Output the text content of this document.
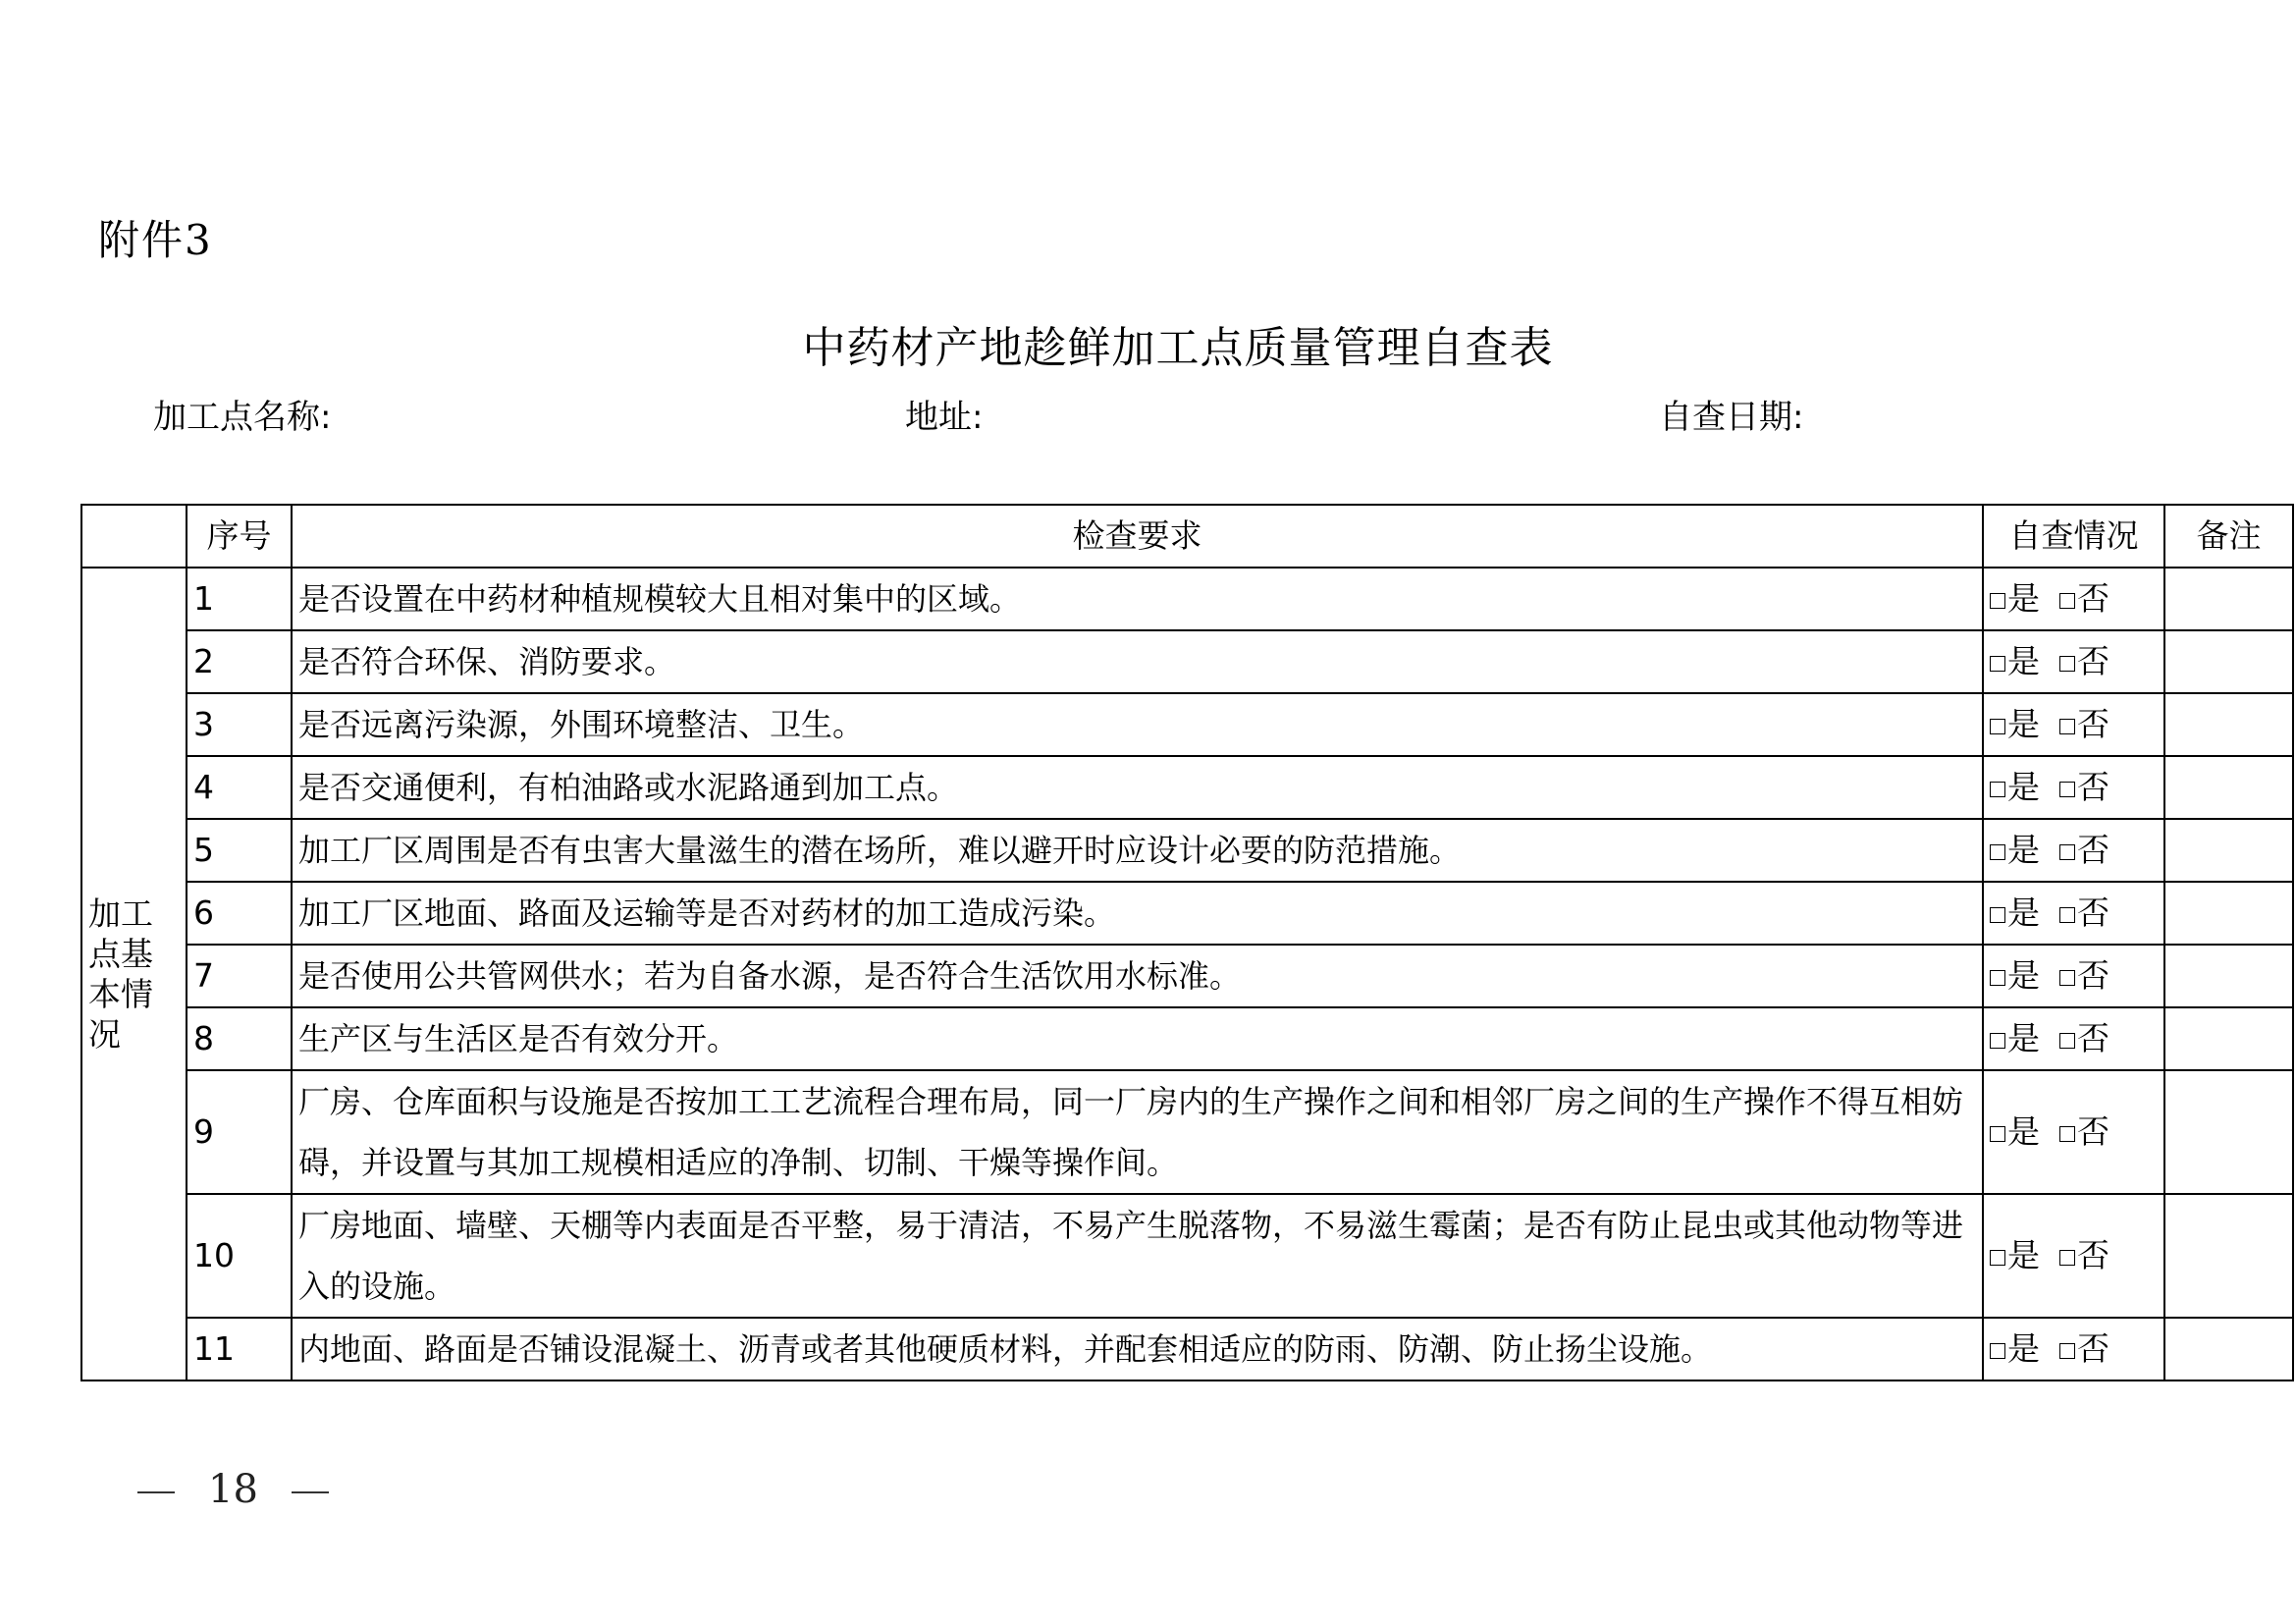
附件3
中药材产地趁鲜加工点质量管理自查表
加工点名称:	地址:	自查日期:
	序号	检查要求	自查情况	备注
加工点基本情况	1	是否设置在中药材种植规模较大且相对集中的区域。	是 否	
	2	是否符合环保、消防要求。	是 否	
	3	是否远离污染源，外围环境整洁、卫生。	是 否	
	4	是否交通便利，有柏油路或水泥路通到加工点。	是 否	
	5	加工厂区周围是否有虫害大量滋生的潜在场所，难以避开时应设计必要的防范措施。	是 否	
	6	加工厂区地面、路面及运输等是否对药材的加工造成污染。	是 否	
	7	是否使用公共管网供水；若为自备水源，是否符合生活饮用水标准。	是 否	
	8	生产区与生活区是否有效分开。	是 否	
	9	厂房、仓库面积与设施是否按加工工艺流程合理布局，同一厂房内的生产操作之间和相邻厂房之间的生产操作不得互相妨碍，并设置与其加工规模相适应的净制、切制、干燥等操作间。	是 否	
	10	厂房地面、墙壁、天棚等内表面是否平整，易于清洁，不易产生脱落物，不易滋生霉菌；是否有防止昆虫或其他动物等进入的设施。	是 否	
	11	内地面、路面是否铺设混凝土、沥青或者其他硬质材料，并配套相适应的防雨、防潮、防止扬尘设施。	是 否	
18
